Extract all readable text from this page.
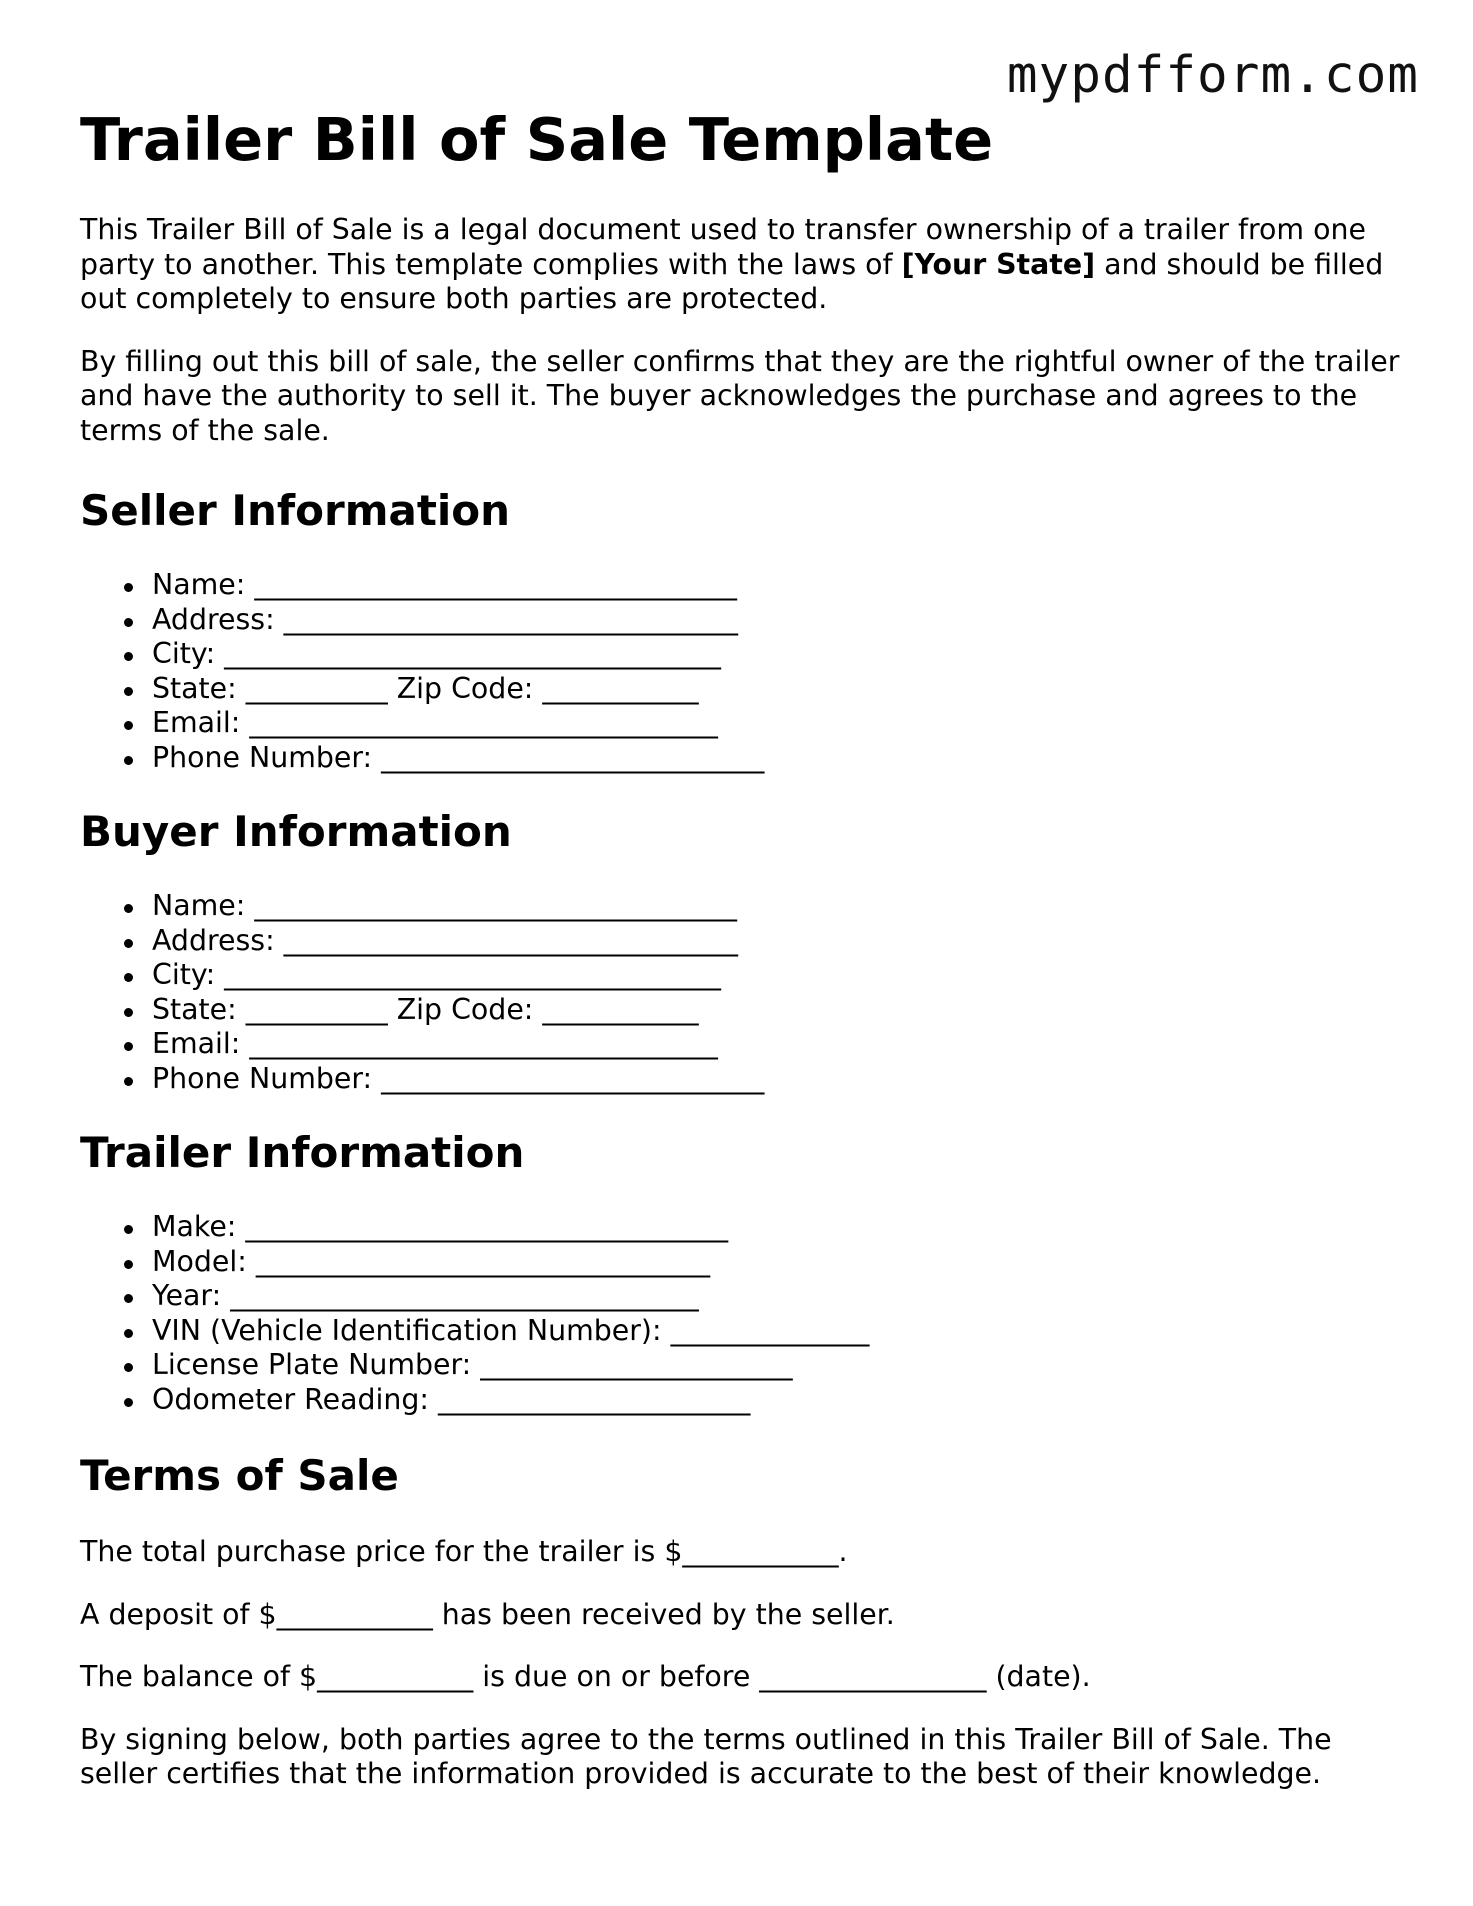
mypdfform.com
Trailer Bill of Sale Template

This Trailer Bill of Sale is a legal document used to transfer ownership of a trailer from one party to another. This template complies with the laws of [Your State] and should be filled out completely to ensure both parties are protected.

By filling out this bill of sale, the seller confirms that they are the rightful owner of the trailer and have the authority to sell it. The buyer acknowledges the purchase and agrees to the terms of the sale.

Seller Information
Name: __________________________________
Address: ________________________________
City: ___________________________________
State: __________ Zip Code: ___________
Email: _________________________________
Phone Number: ___________________________
Buyer Information
Name: __________________________________
Address: ________________________________
City: ___________________________________
State: __________ Zip Code: ___________
Email: _________________________________
Phone Number: ___________________________
Trailer Information
Make: __________________________________
Model: ________________________________
Year: _________________________________
VIN (Vehicle Identification Number): ______________
License Plate Number: ______________________
Odometer Reading: ______________________
Terms of Sale

The total purchase price for the trailer is $___________.

A deposit of $___________ has been received by the seller.

The balance of $___________ is due on or before ________________ (date).

By signing below, both parties agree to the terms outlined in this Trailer Bill of Sale. The seller certifies that the information provided is accurate to the best of their knowledge.
